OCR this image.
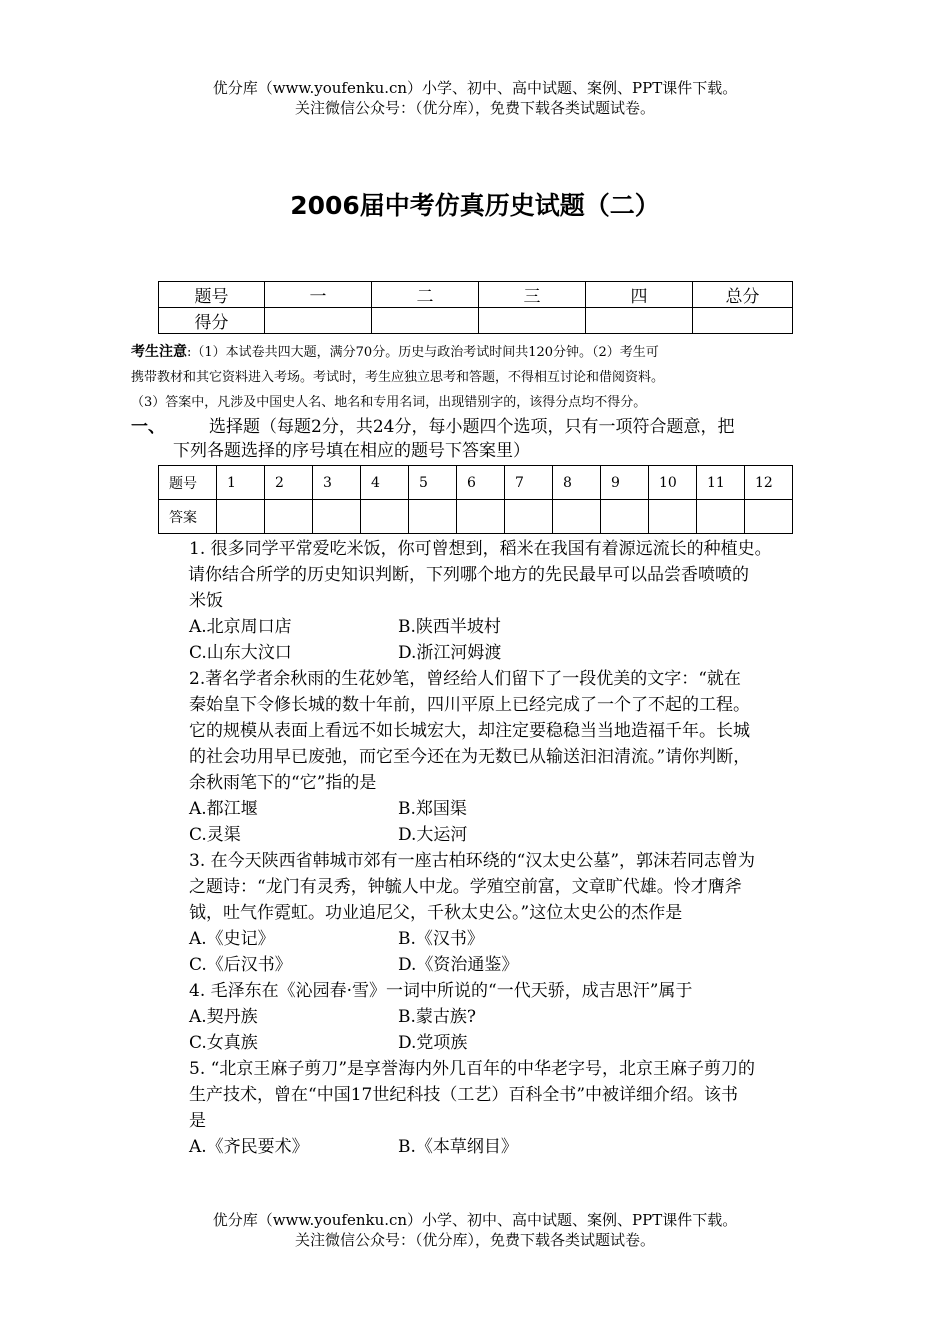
优分库（www.youfenku.cn）小学、初中、高中试题、案例、PPT课件下载。
关注微信公众号：（优分库），免费下载各类试题试卷。
2006届中考仿真历史试题（二）
题号	一	二	三	四	总分
得分					
考生注意:（1）本试卷共四大题，满分70分。历史与政治考试时间共120分钟。（2）考生可
携带教材和其它资料进入考场。考试时，考生应独立思考和答题，不得相互讨论和借阅资料。
（3）答案中，凡涉及中国史人名、地名和专用名词，出现错别字的，该得分点均不得分。
一、	选择题（每题2分，共24分，每小题四个选项，只有一项符合题意，把
下列各题选择的序号填在相应的题号下答案里）
题号	1	2	3	4	5	6	7	8	9	10	11	12
答案												

1. 很多同学平常爱吃米饭，你可曾想到，稻米在我国有着源远流长的种植史。

请你结合所学的历史知识判断，下列哪个地方的先民最早可以品尝香喷喷的

米饭

A.北京周口店	B.陕西半坡村
C.山东大汶口	D.浙江河姆渡

2.著名学者余秋雨的生花妙笔，曾经给人们留下了一段优美的文字：“就在

秦始皇下令修长城的数十年前，四川平原上已经完成了一个了不起的工程。

它的规模从表面上看远不如长城宏大，却注定要稳稳当当地造福千年。长城

的社会功用早已废弛，而它至今还在为无数已从输送汩汩清流。”请你判断，

余秋雨笔下的“它”指的是

A.都江堰	B.郑国渠
C.灵渠	D.大运河

3. 在今天陕西省韩城市郊有一座古柏环绕的“汉太史公墓”，郭沫若同志曾为

之题诗：“龙门有灵秀，钟毓人中龙。学殖空前富，文章旷代雄。怜才膺斧

钺，吐气作霓虹。功业追尼父，千秋太史公。”这位太史公的杰作是

A.《史记》	B.《汉书》
C.《后汉书》	D.《资治通鉴》

4. 毛泽东在《沁园春·雪》一词中所说的“一代天骄，成吉思汗”属于

A.契丹族	B.蒙古族?
C.女真族	D.党项族

5. “北京王麻子剪刀”是享誉海内外几百年的中华老字号，北京王麻子剪刀的

生产技术，曾在“中国17世纪科技（工艺）百科全书”中被详细介绍。该书

是

A.《齐民要术》	B.《本草纲目》
优分库（www.youfenku.cn）小学、初中、高中试题、案例、PPT课件下载。
关注微信公众号：（优分库），免费下载各类试题试卷。
